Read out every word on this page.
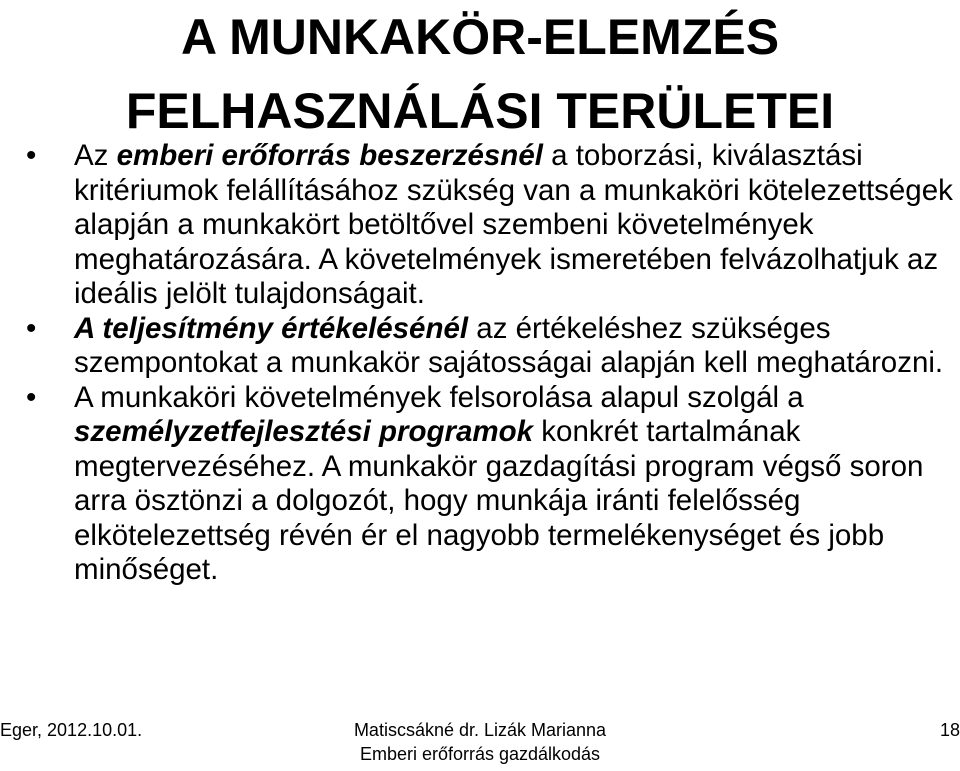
A MUNKAKÖR-ELEMZÉS
FELHASZNÁLÁSI TERÜLETEI
• Az emberi erőforrás beszerzésnél a toborzási, kiválasztási kritériumok felállításához szükség van a munkaköri kötelezettségek alapján a munkakört betöltővel szembeni követelmények meghatározására. A követelmények ismeretében felvázolhatjuk az ideális jelölt tulajdonságait.
• A teljesítmény értékelésénél az értékeléshez szükséges szempontokat a munkakör sajátosságai alapján kell meghatározni.
• A munkaköri követelmények felsorolása alapul szolgál a személyzetfejlesztési programok konkrét tartalmának megtervezéséhez. A munkakör gazdagítási program végső soron arra ösztönzi a dolgozót, hogy munkája iránti felelősség elkötelezettség révén ér el nagyobb termelékenységet és jobb minőséget.
Eger, 2012.10.01.	Matiscsákné dr. Lizák Marianna
Emberi erőforrás gazdálkodás
18
